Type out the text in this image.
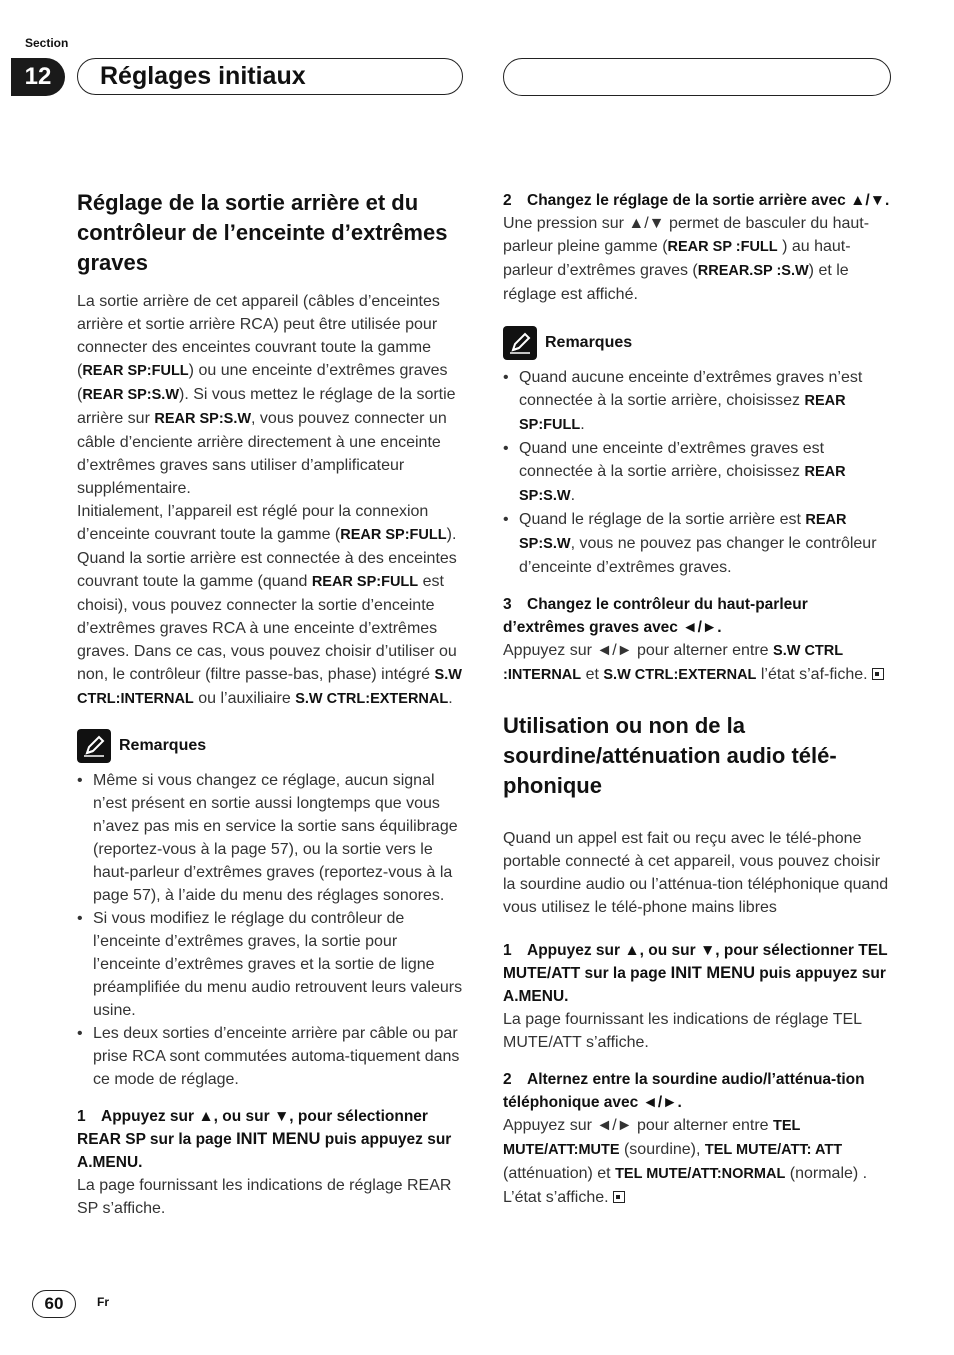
Section
12	Réglages initiaux
Réglage de la sortie arrière et du contrôleur de l’enceinte d’extrêmes graves

La sortie arrière de cet appareil (câbles d’enceintes arrière et sortie arrière RCA) peut être utilisée pour connecter des enceintes couvrant toute la gamme (REAR SP:FULL) ou une enceinte d’extrêmes graves (REAR SP:S.W). Si vous mettez le réglage de la sortie arrière sur REAR SP:S.W, vous pouvez connecter un câble d’enciente arrière directement à une enceinte d’extrêmes graves sans utiliser d’amplificateur supplémentaire.
Initialement, l’appareil est réglé pour la connexion d’enceinte couvrant toute la gamme (REAR SP:FULL).

Quand la sortie arrière est connectée à des enceintes couvrant toute la gamme (quand REAR SP:FULL est choisi), vous pouvez connecter la sortie d’enceinte d’extrêmes graves RCA à une enceinte d’extrêmes graves. Dans ce cas, vous pouvez choisir d’utiliser ou non, le contrôleur (filtre passe-bas, phase) intégré S.W CTRL:INTERNAL ou l’auxiliaire S.W CTRL:EXTERNAL.

Remarques
• Même si vous changez ce réglage, aucun signal n’est présent en sortie aussi longtemps que vous n’avez pas mis en service la sortie sans équilibrage (reportez-vous à la page 57), ou la sortie vers le haut-parleur d’extrêmes graves (reportez-vous à la page 57), à l’aide du menu des réglages sonores.
• Si vous modifiez le réglage du contrôleur de l’enceinte d’extrêmes graves, la sortie pour l’enceinte d’extrêmes graves et la sortie de ligne préamplifiée du menu audio retrouvent leurs valeurs usine.
• Les deux sorties d’enceinte arrière par câble ou par prise RCA sont commutées automa-tiquement dans ce mode de réglage.

1 Appuyez sur ▲, ou sur ▼, pour sélectionner REAR SP sur la page INIT MENU puis appuyez sur A.MENU.

La page fournissant les indications de réglage REAR SP s’affiche.

2 Changez le réglage de la sortie arrière avec ▲/▼.

Une pression sur ▲/▼ permet de basculer du haut-parleur pleine gamme (REAR SP :FULL ) au haut-parleur d’extrêmes graves (RREAR.SP :S.W) et le réglage est affiché.

Remarques
• Quand aucune enceinte d’extrêmes graves n’est connectée à la sortie arrière, choisissez REAR SP:FULL.
• Quand une enceinte d’extrêmes graves est connectée à la sortie arrière, choisissez REAR SP:S.W.
• Quand le réglage de la sortie arrière est REAR SP:S.W, vous ne pouvez pas changer le contrôleur d’enceinte d’extrêmes graves.

3 Changez le contrôleur du haut-parleur d’extrêmes graves avec ◄/►.

Appuyez sur ◄/► pour alterner entre S.W CTRL :INTERNAL et S.W CTRL:EXTERNAL l’état s’af-fiche.

Utilisation ou non de la sourdine/atténuation audio télé-phonique

Quand un appel est fait ou reçu avec le télé-phone portable connecté à cet appareil, vous pouvez choisir la sourdine audio ou l’atténua-tion téléphonique quand vous utilisez le télé-phone mains libres

1 Appuyez sur ▲, ou sur ▼, pour sélectionner TEL MUTE/ATT sur la page INIT MENU puis appuyez sur A.MENU.

La page fournissant les indications de réglage TEL MUTE/ATT s’affiche.

2 Alternez entre la sourdine audio/l’atténua-tion téléphonique avec ◄/►.

Appuyez sur ◄/► pour alterner entre TEL MUTE/ATT:MUTE (sourdine), TEL MUTE/ATT: ATT (atténuation) et TEL MUTE/ATT:NORMAL (normale) . L’état s’affiche.

60	Fr
